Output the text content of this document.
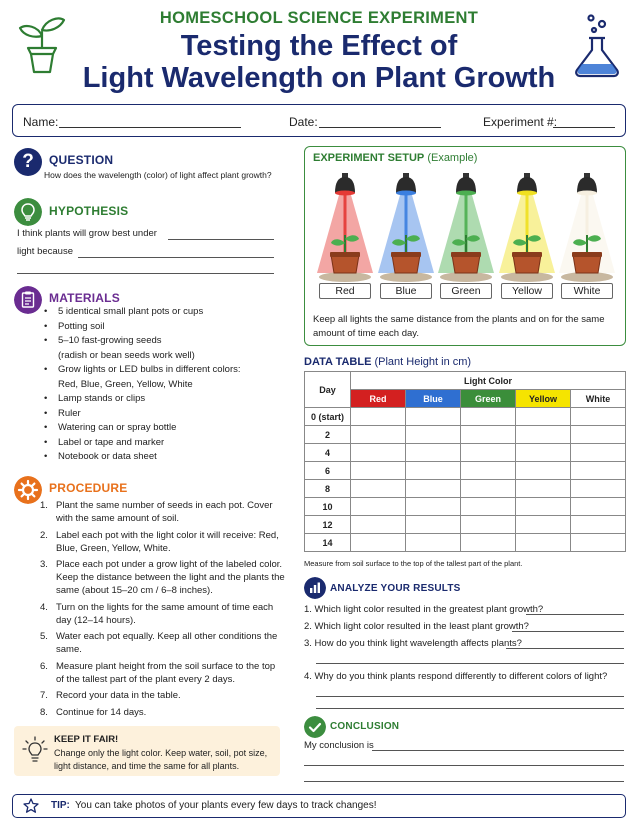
HOMESCHOOL SCIENCE EXPERIMENT
Testing the Effect of
Light Wavelength on Plant Growth
Name:	Date:	Experiment #:
?	QUESTION
How does the wavelength (color) of light affect plant growth?
HYPOTHESIS
I think plants will grow best under
light because
MATERIALS
• 5 identical small plant pots or cups
• Potting soil
• 5–10 fast-growing seeds
(radish or bean seeds work well)
• Grow lights or LED bulbs in different colors:
Red, Blue, Green, Yellow, White
• Lamp stands or clips
• Ruler
• Watering can or spray bottle
• Label or tape and marker
• Notebook or data sheet
PROCEDURE
1. Plant the same number of seeds in each pot. Cover with the same amount of soil.
2. Label each pot with the light color it will receive: Red, Blue, Green, Yellow, White.
3. Place each pot under a grow light of the labeled color. Keep the distance between the light and the plants the same (about 15–20 cm / 6–8 inches).
4. Turn on the lights for the same amount of time each day (12–14 hours).
5. Water each pot equally. Keep all other conditions the same.
6. Measure plant height from the soil surface to the top of the tallest part of the plant every 2 days.
7. Record your data in the table.
8. Continue for 14 days.
KEEP IT FAIR!
Change only the light color. Keep water, soil, pot size, light distance, and time the same for all plants.
EXPERIMENT SETUP (Example)
Red	Blue	Green	Yellow	White
Keep all lights the same distance from the plants and on for the same amount of time each day.
DATA TABLE (Plant Height in cm)
Day	Light Color				
	Red	Blue	Green	Yellow	White
0 (start)					
2					
4					
6					
8					
10					
12					
14					
Measure from soil surface to the top of the tallest part of the plant.
ANALYZE YOUR RESULTS
1. Which light color resulted in the greatest plant growth?
2. Which light color resulted in the least plant growth?
3. How do you think light wavelength affects plants?
4. Why do you think plants respond differently to different colors of light?
CONCLUSION
My conclusion is
TIP: You can take photos of your plants every few days to track changes!
